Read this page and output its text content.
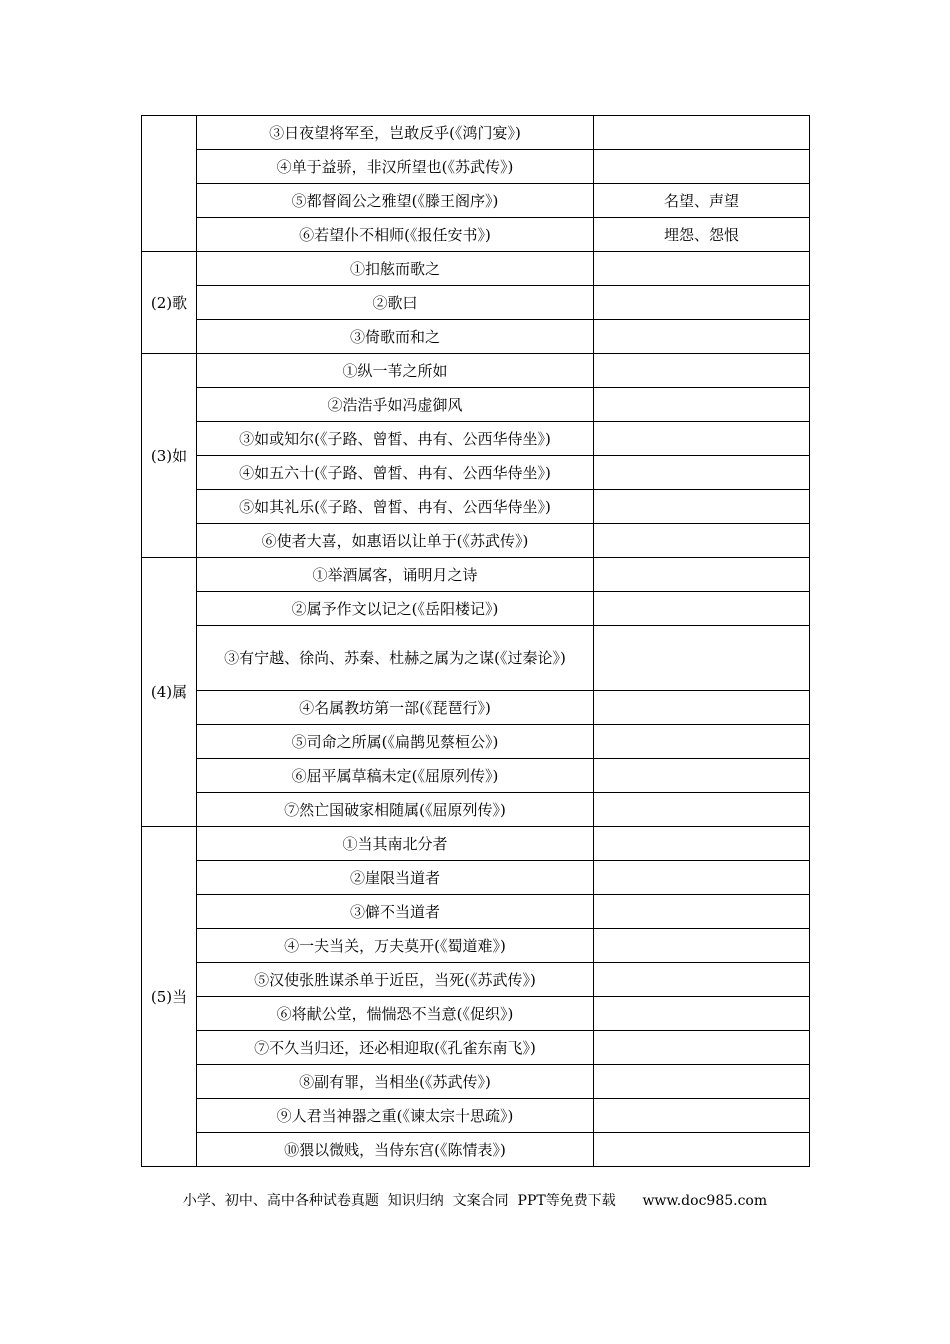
	③日夜望将军至，岂敢反乎(《鸿门宴》)	
	④单于益骄，非汉所望也(《苏武传》)	
	⑤都督阎公之雅望(《滕王阁序》)	名望、声望
	⑥若望仆不相师(《报任安书》)	埋怨、怨恨
(2)歌	①扣舷而歌之	
	②歌曰	
	③倚歌而和之	
(3)如	①纵一苇之所如	
	②浩浩乎如冯虚御风	
	③如或知尔(《子路、曾皙、冉有、公西华侍坐》)	
	④如五六十(《子路、曾皙、冉有、公西华侍坐》)	
	⑤如其礼乐(《子路、曾皙、冉有、公西华侍坐》)	
	⑥使者大喜，如惠语以让单于(《苏武传》)	
(4)属	①举酒属客，诵明月之诗	
	②属予作文以记之(《岳阳楼记》)	
	③有宁越、徐尚、苏秦、杜赫之属为之谋(《过秦论》)	
	④名属教坊第一部(《琵琶行》)	
	⑤司命之所属(《扁鹊见蔡桓公》)	
	⑥屈平属草稿未定(《屈原列传》)	
	⑦然亡国破家相随属(《屈原列传》)	
(5)当	①当其南北分者	
	②崖限当道者	
	③僻不当道者	
	④一夫当关，万夫莫开(《蜀道难》)	
	⑤汉使张胜谋杀单于近臣，当死(《苏武传》)	
	⑥将献公堂，惴惴恐不当意(《促织》)	
	⑦不久当归还，还必相迎取(《孔雀东南飞》)	
	⑧副有罪，当相坐(《苏武传》)	
	⑨人君当神器之重(《谏太宗十思疏》)	
	⑩猥以微贱，当侍东宫(《陈情表》)	
小学、初中、高中各种试卷真题  知识归纳  文案合同  PPT等免费下载      www.doc985.com
